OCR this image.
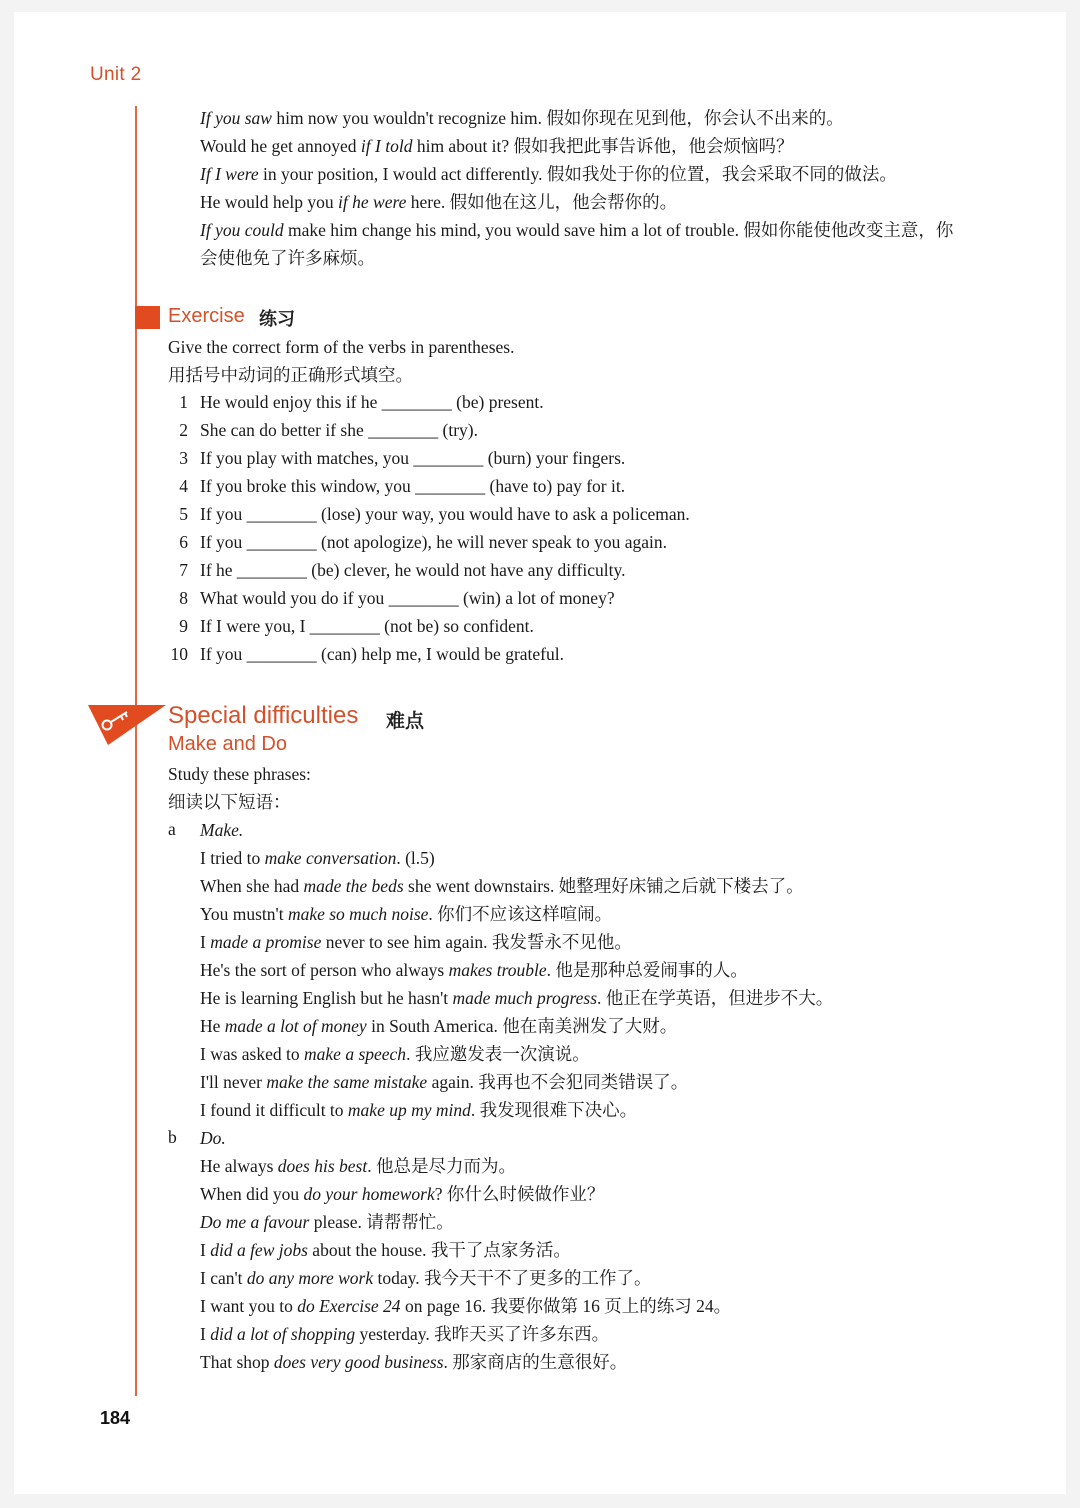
Unit 2
If you saw him now you wouldn't recognize him. 假如你现在见到他，你会认不出来的。
Would he get annoyed if I told him about it? 假如我把此事告诉他，他会烦恼吗？
If I were in your position, I would act differently. 假如我处于你的位置，我会采取不同的做法。
He would help you if he were here. 假如他在这儿，他会帮你的。
If you could make him change his mind, you would save him a lot of trouble. 假如你能使他改变主意，你
会使他免了许多麻烦。
Exercise 练习
Give the correct form of the verbs in parentheses.
用括号中动词的正确形式填空。
1 He would enjoy this if he ________ (be) present.
2 She can do better if she ________ (try).
3 If you play with matches, you ________ (burn) your fingers.
4 If you broke this window, you ________ (have to) pay for it.
5 If you ________ (lose) your way, you would have to ask a policeman.
6 If you ________ (not apologize), he will never speak to you again.
7 If he ________ (be) clever, he would not have any difficulty.
8 What would you do if you ________ (win) a lot of money?
9 If I were you, I ________ (not be) so confident.
10 If you ________ (can) help me, I would be grateful.
Special difficulties 难点
Make and Do
Study these phrases:
细读以下短语：
a Make.
I tried to make conversation. (l.5)
When she had made the beds she went downstairs. 她整理好床铺之后就下楼去了。
You mustn't make so much noise. 你们不应该这样喧闹。
I made a promise never to see him again. 我发誓永不见他。
He's the sort of person who always makes trouble. 他是那种总爱闹事的人。
He is learning English but he hasn't made much progress. 他正在学英语，但进步不大。
He made a lot of money in South America. 他在南美洲发了大财。
I was asked to make a speech. 我应邀发表一次演说。
I'll never make the same mistake again. 我再也不会犯同类错误了。
I found it difficult to make up my mind. 我发现很难下决心。
b Do.
He always does his best. 他总是尽力而为。
When did you do your homework? 你什么时候做作业？
Do me a favour please. 请帮帮忙。
I did a few jobs about the house. 我干了点家务活。
I can't do any more work today. 我今天干不了更多的工作了。
I want you to do Exercise 24 on page 16. 我要你做第 16 页上的练习 24。
I did a lot of shopping yesterday. 我昨天买了许多东西。
That shop does very good business. 那家商店的生意很好。
184
